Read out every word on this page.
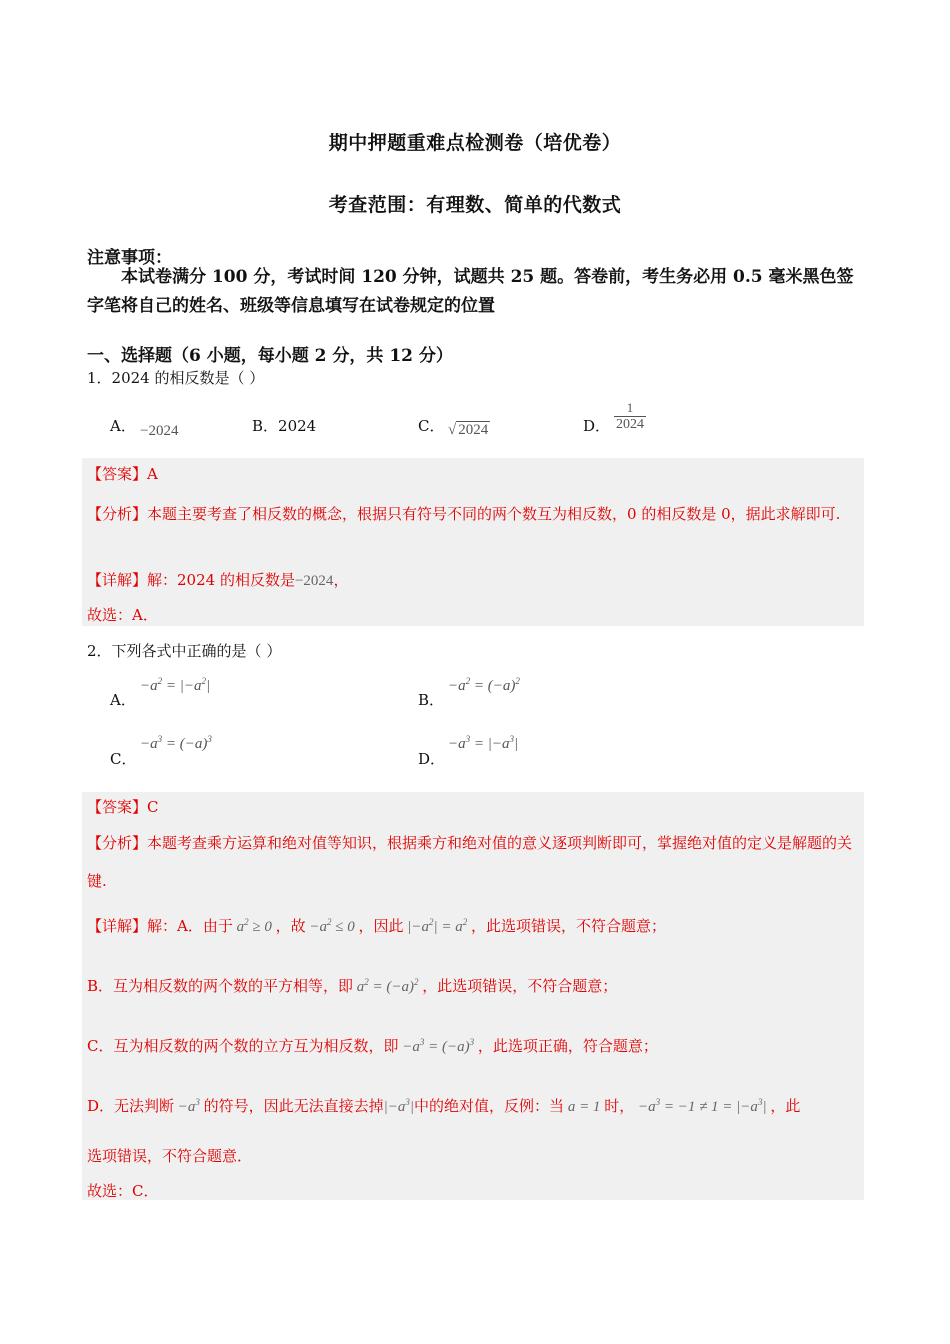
期中押题重难点检测卷（培优卷）
考查范围：有理数、简单的代数式
注意事项：
本试卷满分 100 分，考试时间 120 分钟，试题共 25 题。答卷前，考生务必用 0.5 毫米黑色签字笔将自己的姓名、班级等信息填写在试卷规定的位置
一、选择题（6 小题，每小题 2 分，共 12 分）
1．2024 的相反数是（ ）
A． −2024	B．2024	C． √ 2024	D． $\frac{1}{2024}$
【答案】A
【分析】本题主要考查了相反数的概念，根据只有符号不同的两个数互为相反数，0 的相反数是 0，据此求解即可.
【详解】解：2024 的相反数是−2024，
故选：A．
2．下列各式中正确的是（ ）
A．
$-a^2 = |-a^2|$
B．
$-a^2 = (-a)^2$
C．
$-a^3 = (-a)^3$
D．
$-a^3 = |-a^3|$
【答案】C
【分析】本题考查乘方运算和绝对值等知识，根据乘方和绝对值的意义逐项判断即可，掌握绝对值的定义是解题的关键.
【详解】解：A．由于 $a^2 \ge 0$ ，故 $-a^2 \le 0$ ，因此 $|-a^2| = a^2$ ，此选项错误，不符合题意；
B．互为相反数的两个数的平方相等，即 $a^2 = (-a)^2$ ，此选项错误，不符合题意；
C．互为相反数的两个数的立方互为相反数，即 $-a^3 = (-a)^3$ ，此选项正确，符合题意；
D．无法判断 $-a^3$ 的符号，因此无法直接去掉$|-a^3|$中的绝对值，反例：当 a = 1 时， $-a^3 = -1 \ne 1 = |-a^3|$ ，此
选项错误，不符合题意．
故选：C．
